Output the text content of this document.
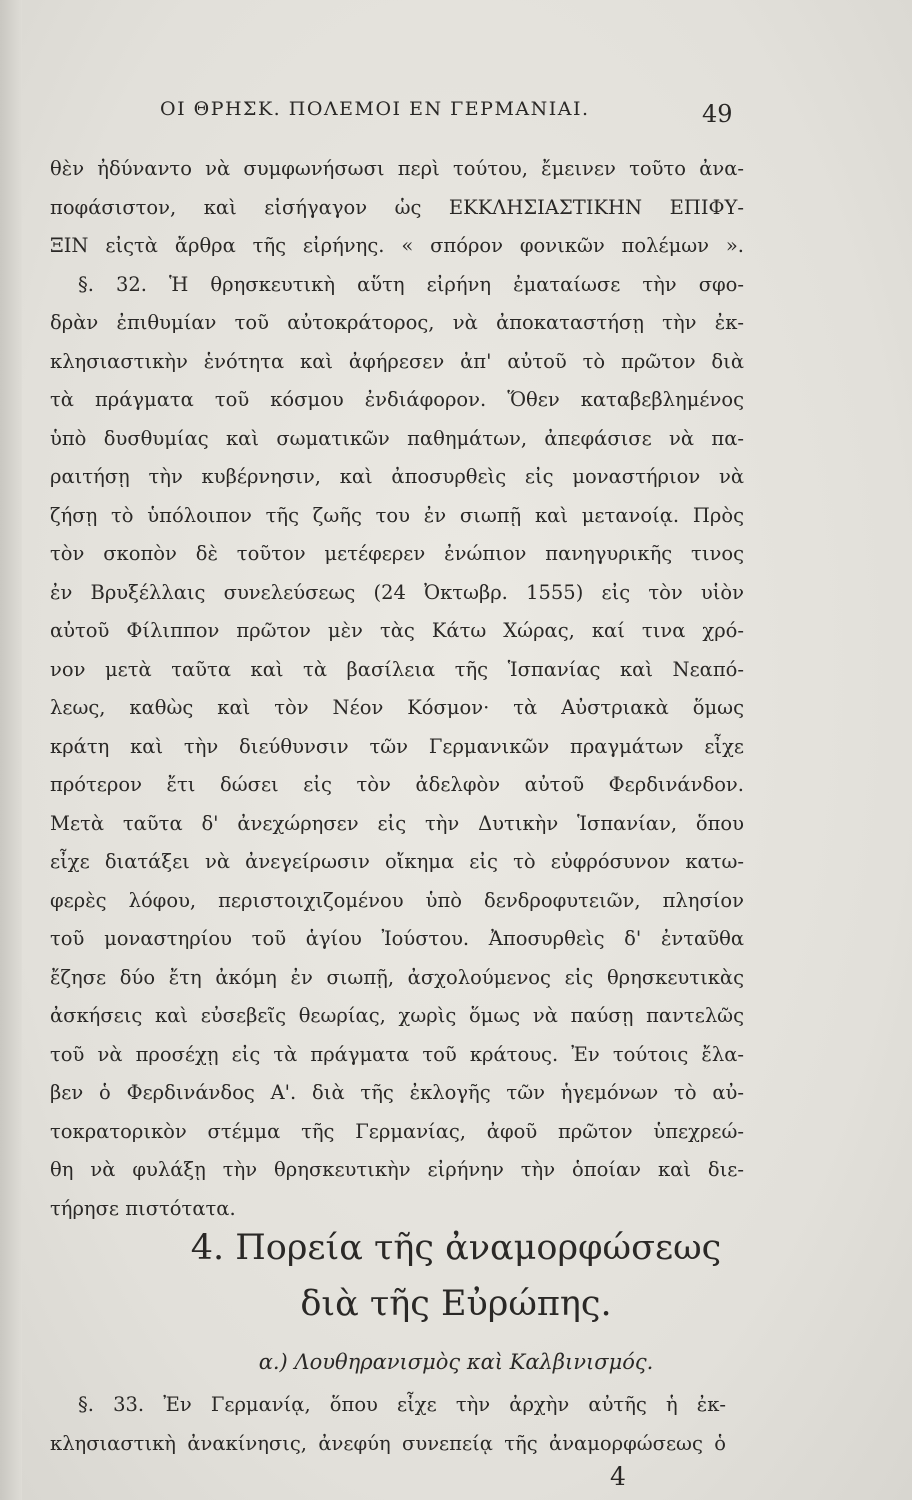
ΟΙ ΘΡΗΣΚ. ΠΟΛΕΜΟΙ ΕΝ ΓΕΡΜΑΝΙΑΙ.	49
θὲν ἠδύναντο νὰ συμφωνήσωσι περὶ τούτου, ἔμεινεν τοῦτο ἀνα-
ποφάσιστον, καὶ εἰσήγαγον ὡς ΕΚΚΛΗΣΙΑΣΤΙΚΗΝ ΕΠΙΦΥ-
ΞΙΝ εἰςτὰ ἄρθρα τῆς εἰρήνης. « σπόρον φονικῶν πολέμων ».
§. 32. Ἡ θρησκευτικὴ αὕτη εἰρήνη ἐματαίωσε τὴν σφο-
δρὰν ἐπιθυμίαν τοῦ αὐτοκράτορος, νὰ ἀποκαταστήσῃ τὴν ἐκ-
κλησιαστικὴν ἑνότητα καὶ ἀφήρεσεν ἀπ' αὐτοῦ τὸ πρῶτον διὰ
τὰ πράγματα τοῦ κόσμου ἐνδιάφορον. Ὅθεν καταβεβλημένος
ὑπὸ δυσθυμίας καὶ σωματικῶν παθημάτων, ἀπεφάσισε νὰ πα-
ραιτήσῃ τὴν κυβέρνησιν, καὶ ἀποσυρθεὶς εἰς μοναστήριον νὰ
ζήσῃ τὸ ὑπόλοιπον τῆς ζωῆς του ἐν σιωπῇ καὶ μετανοίᾳ. Πρὸς
τὸν σκοπὸν δὲ τοῦτον μετέφερεν ἐνώπιον πανηγυρικῆς τινος
ἐν Βρυξέλλαις συνελεύσεως (24 Ὀκτωβρ. 1555) εἰς τὸν υἱὸν
αὐτοῦ Φίλιππον πρῶτον μὲν τὰς Κάτω Χώρας, καί τινα χρό-
νον μετὰ ταῦτα καὶ τὰ βασίλεια τῆς Ἱσπανίας καὶ Νεαπό-
λεως, καθὼς καὶ τὸν Νέον Κόσμον· τὰ Αὐστριακὰ ὅμως
κράτη καὶ τὴν διεύθυνσιν τῶν Γερμανικῶν πραγμάτων εἶχε
πρότερον ἔτι δώσει εἰς τὸν ἀδελφὸν αὐτοῦ Φερδινάνδον.
Μετὰ ταῦτα δ' ἀνεχώρησεν εἰς τὴν Δυτικὴν Ἱσπανίαν, ὅπου
εἶχε διατάξει νὰ ἀνεγείρωσιν οἴκημα εἰς τὸ εὐφρόσυνον κατω-
φερὲς λόφου, περιστοιχιζομένου ὑπὸ δενδροφυτειῶν, πλησίον
τοῦ μοναστηρίου τοῦ ἁγίου Ἰούστου. Ἀποσυρθεὶς δ' ἐνταῦθα
ἔζησε δύο ἔτη ἀκόμη ἐν σιωπῇ, ἀσχολούμενος εἰς θρησκευτικὰς
ἀσκήσεις καὶ εὐσεβεῖς θεωρίας, χωρὶς ὅμως νὰ παύσῃ παντελῶς
τοῦ νὰ προσέχῃ εἰς τὰ πράγματα τοῦ κράτους. Ἐν τούτοις ἔλα-
βεν ὁ Φερδινάνδος Α'. διὰ τῆς ἐκλογῆς τῶν ἡγεμόνων τὸ αὐ-
τοκρατορικὸν στέμμα τῆς Γερμανίας, ἀφοῦ πρῶτον ὑπεχρεώ-
θη νὰ φυλάξῃ τὴν θρησκευτικὴν εἰρήνην τὴν ὁποίαν καὶ διε-
τήρησε πιστότατα.
4. Πορεία τῆς ἀναμορφώσεως
διὰ τῆς Εὐρώπης.
α.) Λουθηρανισμὸς καὶ Καλβινισμός.
§. 33. Ἐν Γερμανίᾳ, ὅπου εἶχε τὴν ἀρχὴν αὐτῆς ἡ ἐκ-
κλησιαστικὴ ἀνακίνησις, ἀνεφύη συνεπείᾳ τῆς ἀναμορφώσεως ὁ
4
